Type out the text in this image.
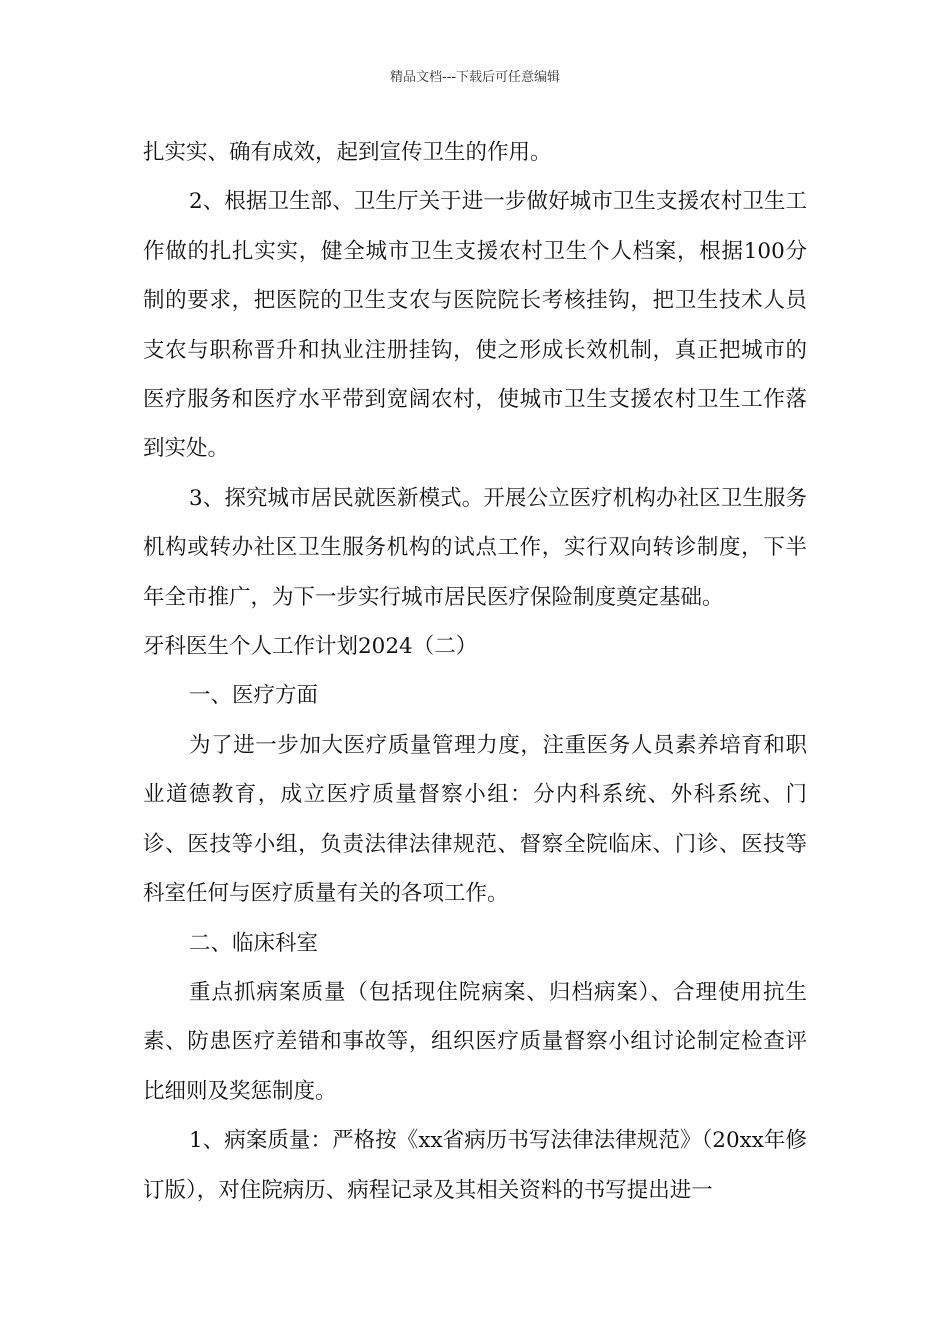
精品文档---下载后可任意编辑

扎实实、确有成效，起到宣传卫生的作用。

2、根据卫生部、卫生厅关于进一步做好城市卫生支援农村卫生工作做的扎扎实实，健全城市卫生支援农村卫生个人档案，根据100分制的要求，把医院的卫生支农与医院院长考核挂钩，把卫生技术人员支农与职称晋升和执业注册挂钩，使之形成长效机制，真正把城市的医疗服务和医疗水平带到宽阔农村，使城市卫生支援农村卫生工作落到实处。

3、探究城市居民就医新模式。开展公立医疗机构办社区卫生服务机构或转办社区卫生服务机构的试点工作，实行双向转诊制度，下半年全市推广，为下一步实行城市居民医疗保险制度奠定基础。

牙科医生个人工作计划2024（二）

一、医疗方面

为了进一步加大医疗质量管理力度，注重医务人员素养培育和职业道德教育，成立医疗质量督察小组：分内科系统、外科系统、门诊、医技等小组，负责法律法律规范、督察全院临床、门诊、医技等科室任何与医疗质量有关的各项工作。

二、临床科室

重点抓病案质量（包括现住院病案、归档病案）、合理使用抗生素、防患医疗差错和事故等，组织医疗质量督察小组讨论制定检查评比细则及奖惩制度。

1、病案质量：严格按《xx省病历书写法律法律规范》（20xx年修订版），对住院病历、病程记录及其相关资料的书写提出进一
